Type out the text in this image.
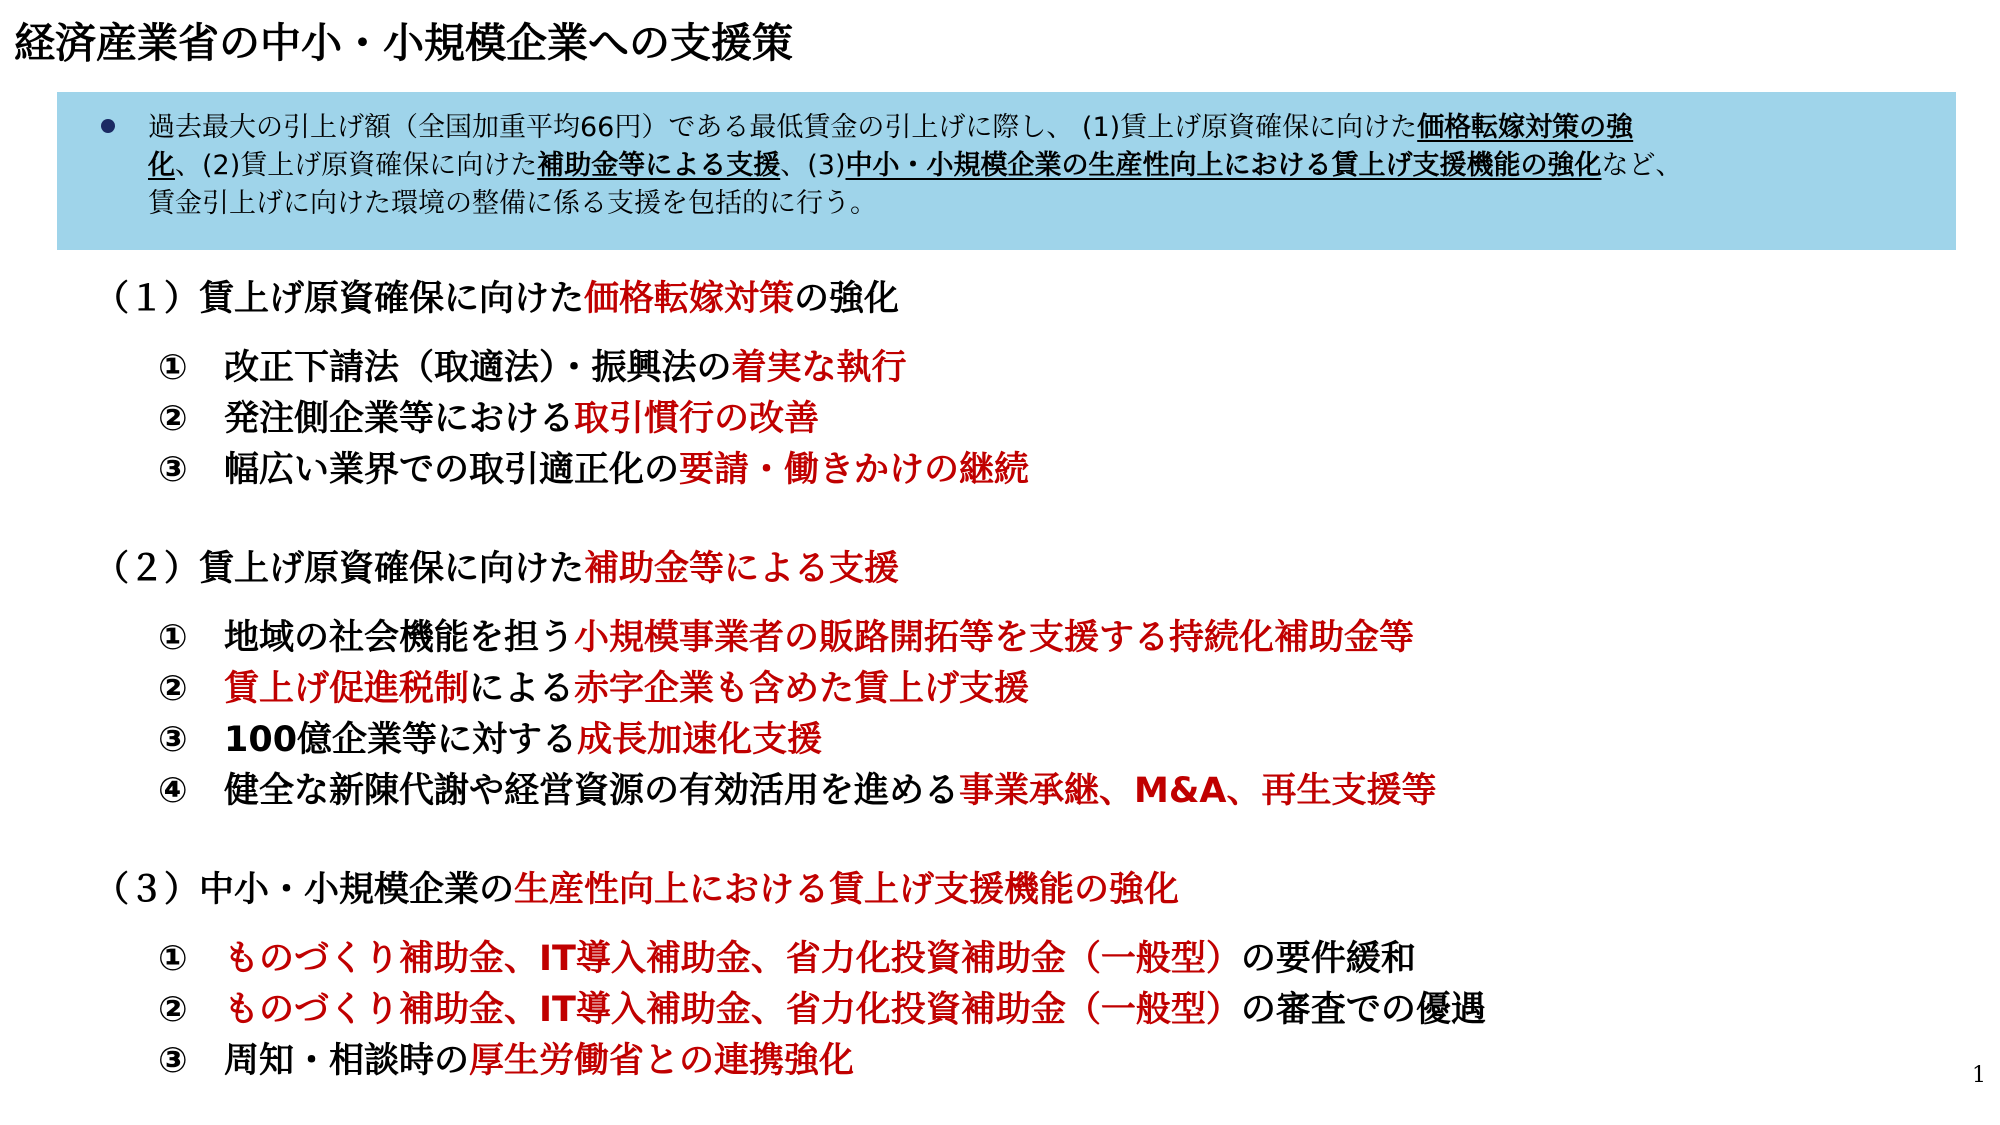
経済産業省の中小・小規模企業への支援策
過去最大の引上げ額（全国加重平均66円）である最低賃金の引上げに際し、 (1)賃上げ原資確保に向けた価格転嫁対策の強
化、(2)賃上げ原資確保に向けた補助金等による支援、(3)中小・小規模企業の生産性向上における賃上げ支援機能の強化など、
賃金引上げに向けた環境の整備に係る支援を包括的に行う。
（１）賃上げ原資確保に向けた価格転嫁対策の強化
① 改正下請法（取適法）・振興法の着実な執行
② 発注側企業等における取引慣行の改善
③ 幅広い業界での取引適正化の要請・働きかけの継続
（２）賃上げ原資確保に向けた補助金等による支援
① 地域の社会機能を担う小規模事業者の販路開拓等を支援する持続化補助金等
② 賃上げ促進税制による赤字企業も含めた賃上げ支援
③ 100億企業等に対する成長加速化支援
④ 健全な新陳代謝や経営資源の有効活用を進める事業承継、M&A、再生支援等
（３）中小・小規模企業の生産性向上における賃上げ支援機能の強化
① ものづくり補助金、IT導入補助金、省力化投資補助金（一般型）の要件緩和
② ものづくり補助金、IT導入補助金、省力化投資補助金（一般型）の審査での優遇
③ 周知・相談時の厚生労働省との連携強化	1
